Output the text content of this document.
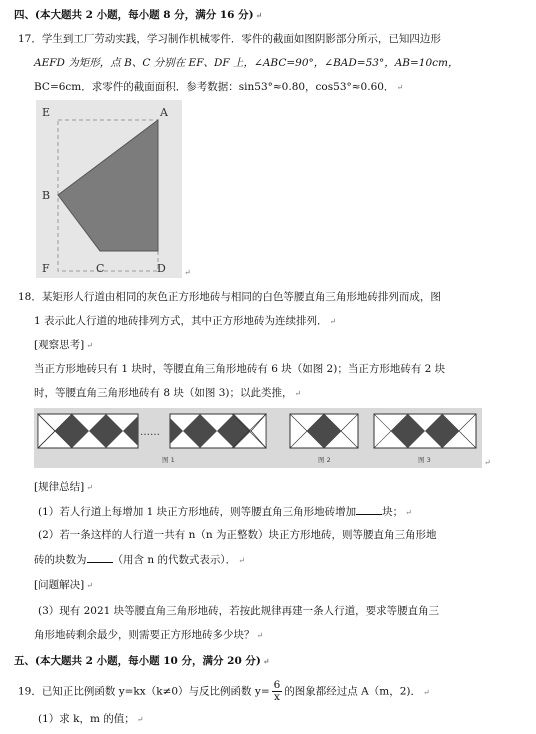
四、(本大题共 2 小题，每小题 8 分，满分 16 分) ↵
17．学生到工厂劳动实践，学习制作机械零件．零件的截面如图阴影部分所示，已知四边形
AEFD 为矩形，点 B、C 分别在 EF、DF 上，∠ABC=90°，∠BAD=53°，AB=10cm，
BC=6cm．求零件的截面面积．参考数据：sin53°≈0.80，cos53°≈0.60． ↵
E	A
B
F	C	D ↵
18．某矩形人行道由相同的灰色正方形地砖与相同的白色等腰直角三角形地砖排列而成，图
1 表示此人行道的地砖排列方式，其中正方形地砖为连续排列． ↵
[观察思考] ↵
当正方形地砖只有 1 块时，等腰直角三角形地砖有 6 块（如图 2)；当正方形地砖有 2 块
时，等腰直角三角形地砖有 8 块（如图 3)；以此类推， ↵
……
图 1	图 2	图 3	↵
[规律总结] ↵
(1）若人行道上每增加 1 块正方形地砖，则等腰直角三角形地砖增加 块； ↵
(2）若一条这样的人行道一共有 n（n 为正整数）块正方形地砖，则等腰直角三角形地
砖的块数为 （用含 n 的代数式表示）． ↵
[问题解决] ↵
(3）现有 2021 块等腰直角三角形地砖，若按此规律再建一条人行道，要求等腰直角三
角形地砖剩余最少，则需要正方形地砖多少块？ ↵
五、(本大题共 2 小题，每小题 10 分，满分 20 分) ↵
19．已知正比例函数 y=kx（k≠0）与反比例函数 $y= \frac{6}{x}$ 的图象都经过点 A（m，2)． ↵
(1）求 k，m 的值； ↵
